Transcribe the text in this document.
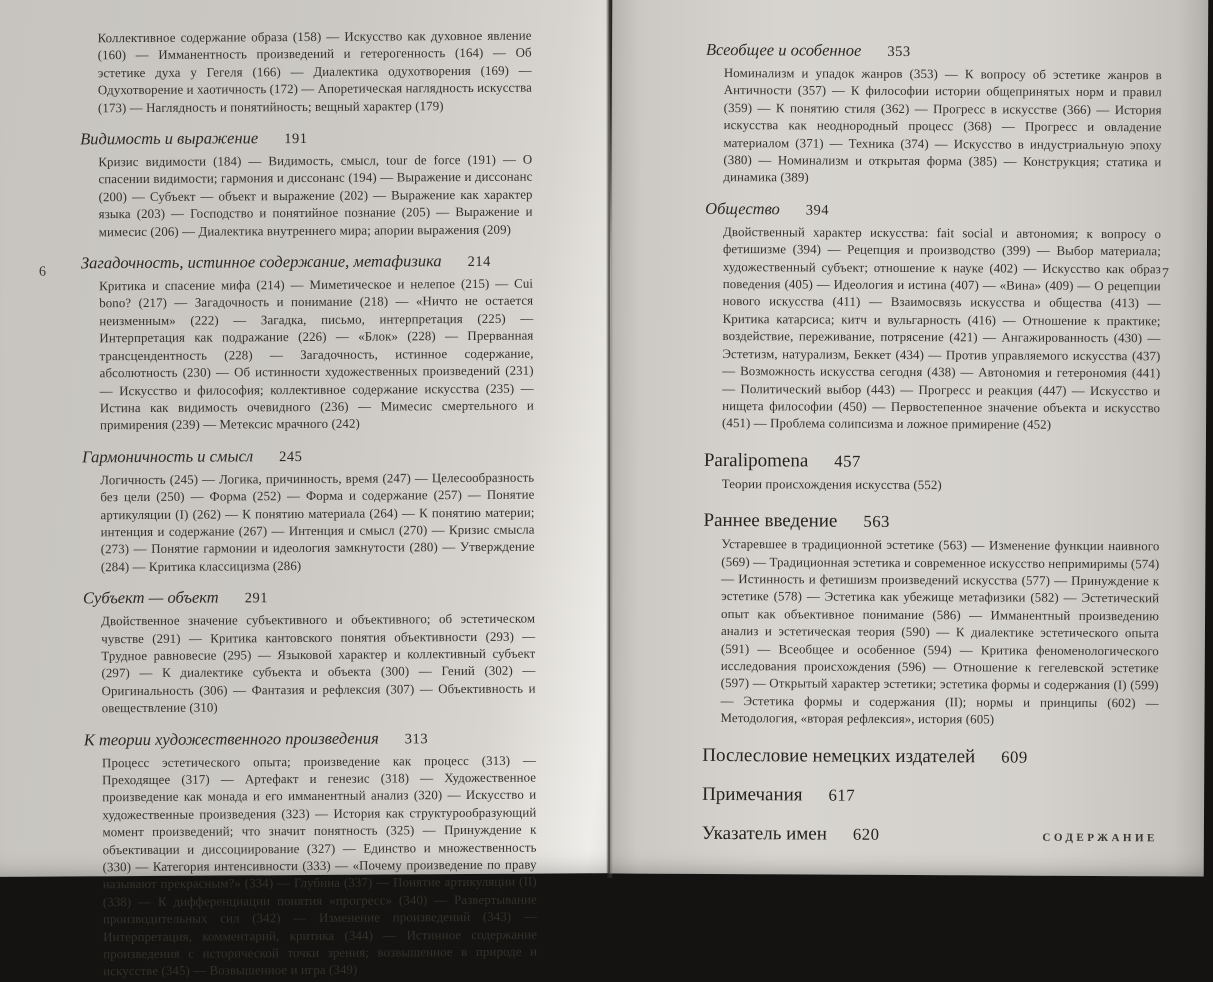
6
Коллективное содержание образа (158) — Искусство как духовное явление (160) — Имманентность произведений и гетерогенность (164) — Об эстетике духа у Гегеля (166) — Диалектика одухотворения (169) — Одухотворение и хаотичность (172) — Апоретическая наглядность искусства (173) — Наглядность и понятийность; вещный характер (179)
Видимость и выражение 191
Кризис видимости (184) — Видимость, смысл, tour de force (191) — О спасении видимости; гармония и диссонанс (194) — Выражение и диссонанс (200) — Субъект — объект и выражение (202) — Выражение как характер языка (203) — Господство и понятийное познание (205) — Выражение и мимесис (206) — Диалектика внутреннего мира; апории выражения (209)
Загадочность, истинное содержание, метафизика 214
Критика и спасение мифа (214) — Миметическое и нелепое (215) — Cui bono? (217) — Загадочность и понимание (218) — «Ничто не остается неизменным» (222) — Загадка, письмо, интерпретация (225) — Интерпретация как подражание (226) — «Блок» (228) — Прерванная трансцендентность (228) — Загадочность, истинное содержание, абсолютность (230) — Об истинности художественных произведений (231) — Искусство и философия; коллективное содержание искусства (235) — Истина как видимость очевидного (236) — Мимесис смертельного и примирения (239) — Метексис мрачного (242)
Гармоничность и смысл 245
Логичность (245) — Логика, причинность, время (247) — Целесообразность без цели (250) — Форма (252) — Форма и содержание (257) — Понятие артикуляции (I) (262) — К понятию материала (264) — К понятию материи; интенция и содержание (267) — Интенция и смысл (270) — Кризис смысла (273) — Понятие гармонии и идеология замкнутости (280) — Утверждение (284) — Критика классицизма (286)
Субъект — объект 291
Двойственное значение субъективного и объективного; об эстетическом чувстве (291) — Критика кантовского понятия объективности (293) — Трудное равновесие (295) — Языковой характер и коллективный субъект (297) — К диалектике субъекта и объекта (300) — Гений (302) — Оригинальность (306) — Фантазия и рефлексия (307) — Объективность и овеществление (310)
К теории художественного произведения 313
Процесс эстетического опыта; произведение как процесс (313) — Преходящее (317) — Артефакт и генезис (318) — Художественное произведение как монада и его имманентный анализ (320) — Искусство и художественные произведения (323) — История как структурообразующий момент произведений; что значит понятность (325) — Принуждение к объективации и диссоциирование (327) — Единство и множественность (330) — Категория интенсивности (333) — «Почему произведение по праву называют прекрасным?» (334) — Глубина (337) — Понятие артикуляции (II) (338) — К дифференциации понятия «прогресс» (340) — Развертывание производительных сил (342) — Изменение произведений (343) — Интерпретация, комментарий, критика (344) — Истинное содержание произведения с исторической точки зрения; возвышенное в природе и искусстве (345) — Возвышенное и игра (349)
7
Всеобщее и особенное 353
Номинализм и упадок жанров (353) — К вопросу об эстетике жанров в Античности (357) — К философии истории общепринятых норм и правил (359) — К понятию стиля (362) — Прогресс в искусстве (366) — История искусства как неоднородный процесс (368) — Прогресс и овладение материалом (371) — Техника (374) — Искусство в индустриальную эпоху (380) — Номинализм и открытая форма (385) — Конструкция; статика и динамика (389)
Общество 394
Двойственный характер искусства: fait social и автономия; к вопросу о фетишизме (394) — Рецепция и производство (399) — Выбор материала; художественный субъект; отношение к науке (402) — Искусство как образ поведения (405) — Идеология и истина (407) — «Вина» (409) — О рецепции нового искусства (411) — Взаимосвязь искусства и общества (413) — Критика катарсиса; китч и вульгарность (416) — Отношение к практике; воздействие, переживание, потрясение (421) — Ангажированность (430) — Эстетизм, натурализм, Беккет (434) — Против управляемого искусства (437) — Возможность искусства сегодня (438) — Автономия и гетерономия (441) — Политический выбор (443) — Прогресс и реакция (447) — Искусство и нищета философии (450) — Первостепенное значение объекта и искусство (451) — Проблема солипсизма и ложное примирение (452)
Paralipomena 457
Теории происхождения искусства (552)
Раннее введение 563
Устаревшее в традиционной эстетике (563) — Изменение функции наивного (569) — Традиционная эстетика и современное искусство непримиримы (574) — Истинность и фетишизм произведений искусства (577) — Принуждение к эстетике (578) — Эстетика как убежище метафизики (582) — Эстетический опыт как объективное понимание (586) — Имманентный произведению анализ и эстетическая теория (590) — К диалектике эстетического опыта (591) — Всеобщее и особенное (594) — Критика феноменологического исследования происхождения (596) — Отношение к гегелевской эстетике (597) — Открытый характер эстетики; эстетика формы и содержания (I) (599) — Эстетика формы и содержания (II); нормы и принципы (602) — Методология, «вторая рефлексия», история (605)
Послесловие немецких издателей 609
Примечания 617
Указатель имен 620	СОДЕРЖАНИЕ
